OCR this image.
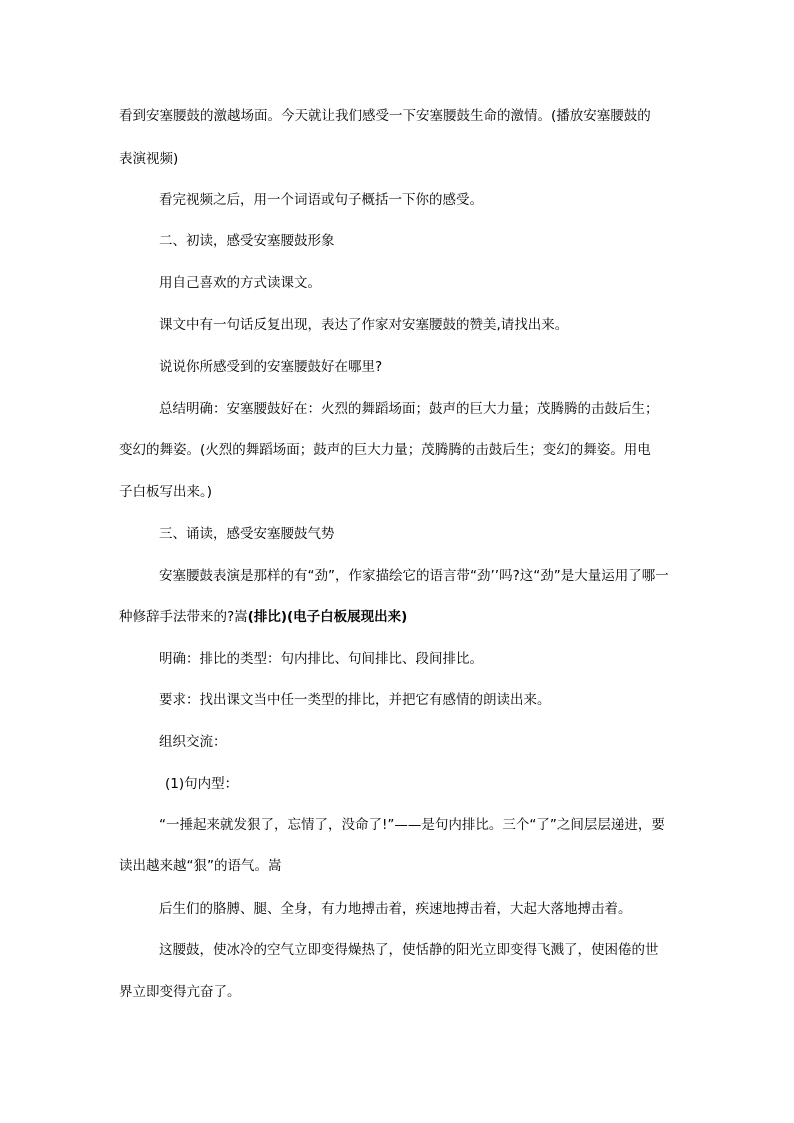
看到安塞腰鼓的激越场面。今天就让我们感受一下安塞腰鼓生命的激情。(播放安塞腰鼓的
表演视频)
看完视频之后，用一个词语或句子概括一下你的感受。
二、初读，感受安塞腰鼓形象
用自己喜欢的方式读课文。
课文中有一句话反复出现，表达了作家对安塞腰鼓的赞美,请找出来。
说说你所感受到的安塞腰鼓好在哪里?
总结明确：安塞腰鼓好在：火烈的舞蹈场面；鼓声的巨大力量；茂腾腾的击鼓后生；
变幻的舞姿。(火烈的舞蹈场面；鼓声的巨大力量；茂腾腾的击鼓后生；变幻的舞姿。用电
子白板写出来。)
三、诵读，感受安塞腰鼓气势
安塞腰鼓表演是那样的有“劲”，作家描绘它的语言带“劲’’吗?这“劲”是大量运用了哪一
种修辞手法带来的?嵩(排比)(电子白板展现出来)
明确：排比的类型：句内排比、句间排比、段间排比。
要求：找出课文当中任一类型的排比，并把它有感情的朗读出来。
组织交流：
(1)句内型：
“一捶起来就发狠了，忘情了，没命了!”——是句内排比。三个“了”之间层层递进，要
读出越来越“狠”的语气。嵩
后生们的胳膊、腿、全身，有力地搏击着，疾速地搏击着，大起大落地搏击着。
这腰鼓，使冰冷的空气立即变得燥热了，使恬静的阳光立即变得飞溅了，使困倦的世
界立即变得亢奋了。
